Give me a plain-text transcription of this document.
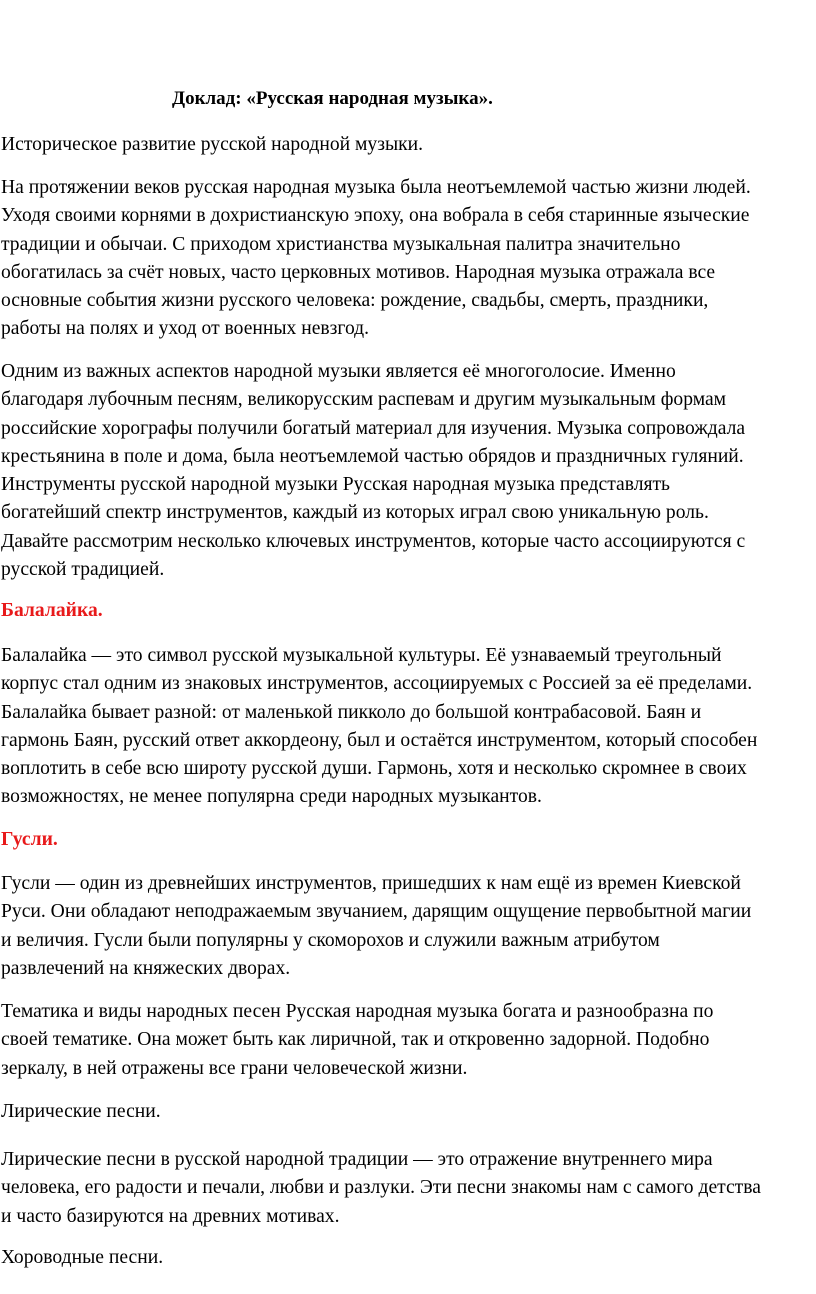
Доклад: «Русская народная музыка».

Историческое развитие русской народной музыки.

На протяжении веков русская народная музыка была неотъемлемой частью жизни людей.
Уходя своими корнями в дохристианскую эпоху, она вобрала в себя старинные языческие
традиции и обычаи. С приходом христианства музыкальная палитра значительно
обогатилась за счёт новых, часто церковных мотивов. Народная музыка отражала все
основные события жизни русского человека: рождение, свадьбы, смерть, праздники,
работы на полях и уход от военных невзгод.
Одним из важных аспектов народной музыки является её многоголосие. Именно
благодаря лубочным песням, великорусским распевам и другим музыкальным формам
российские хорографы получили богатый материал для изучения. Музыка сопровождала
крестьянина в поле и дома, была неотъемлемой частью обрядов и праздничных гуляний.
Инструменты русской народной музыки Русская народная музыка представлять
богатейший спектр инструментов, каждый из которых играл свою уникальную роль.
Давайте рассмотрим несколько ключевых инструментов, которые часто ассоциируются с
русской традицией.

Балалайка.

Балалайка — это символ русской музыкальной культуры. Её узнаваемый треугольный
корпус стал одним из знаковых инструментов, ассоциируемых с Россией за её пределами.
Балалайка бывает разной: от маленькой пикколо до большой контрабасовой. Баян и
гармонь Баян, русский ответ аккордеону, был и остаётся инструментом, который способен
воплотить в себе всю широту русской души. Гармонь, хотя и несколько скромнее в своих
возможностях, не менее популярна среди народных музыкантов.

Гусли.

Гусли — один из древнейших инструментов, пришедших к нам ещё из времен Киевской
Руси. Они обладают неподражаемым звучанием, дарящим ощущение первобытной магии
и величия. Гусли были популярны у скоморохов и служили важным атрибутом
развлечений на княжеских дворах.
Тематика и виды народных песен Русская народная музыка богата и разнообразна по
своей тематике. Она может быть как лиричной, так и откровенно задорной. Подобно
зеркалу, в ней отражены все грани человеческой жизни.

Лирические песни.

Лирические песни в русской народной традиции — это отражение внутреннего мира
человека, его радости и печали, любви и разлуки. Эти песни знакомы нам с самого детства
и часто базируются на древних мотивах.

Хороводные песни.
